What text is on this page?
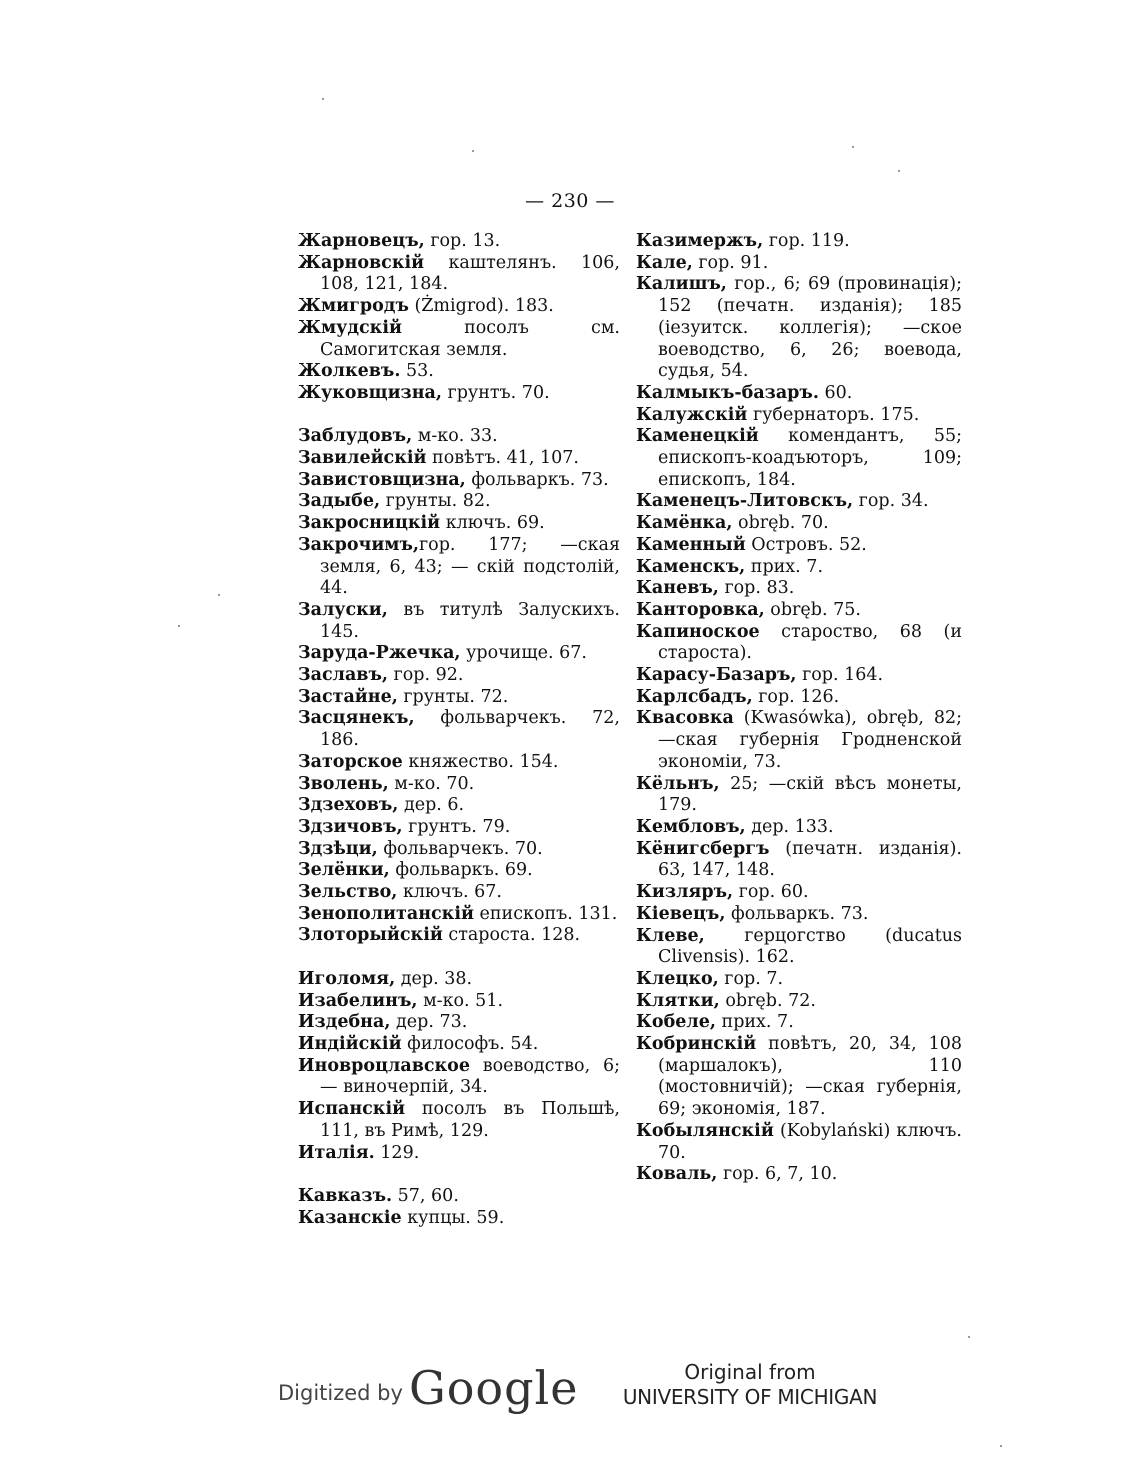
— 230 —
Жарновецъ, гор. 13.
Жарновскій каштелянъ. 106, 108, 121, 184.
Жмигродъ (Żmigrod). 183.
Жмудскій посолъ см. Самогитская земля.
Жолкевъ. 53.
Жуковщизна, грунтъ. 70.
Заблудовъ, м-ко. 33.
Завилейскій повѣтъ. 41, 107.
Завистовщизна, фольваркъ. 73.
Задыбе, грунты. 82.
Закросницкій ключъ. 69.
Закрочимъ,гор. 177; —ская земля, 6, 43; — скій подстолій, 44.
Залуски, въ титулѣ Залускихъ. 145.
Заруда-Ржечка, урочище. 67.
Заславъ, гор. 92.
Застайне, грунты. 72.
Засцянекъ, фольварчекъ. 72, 186.
Заторское княжество. 154.
Зволень, м-ко. 70.
Здзеховъ, дер. 6.
Здзичовъ, грунтъ. 79.
Здзѣци, фольварчекъ. 70.
Зелёнки, фольваркъ. 69.
Зельство, ключъ. 67.
Зенополитанскій епископъ. 131.
Злоторыйскій староста. 128.
Иголомя, дер. 38.
Изабелинъ, м-ко. 51.
Издебна, дер. 73.
Индійскій философъ. 54.
Иновроцлавское воеводство, 6;— виночерпій, 34.
Испанскій посолъ въ Польшѣ, 111, въ Римѣ, 129.
Италія. 129.
Кавказъ. 57, 60.
Казанскіе купцы. 59.
Казимержъ, гор. 119.
Кале, гор. 91.
Калишъ, гор., 6; 69 (провинація); 152 (печатн. изданія); 185 (іезуитск. коллегія); —ское воеводство, 6, 26; воевода, судья, 54.
Калмыкъ-базаръ. 60.
Калужскій губернаторъ. 175.
Каменецкій комендантъ, 55; епископъ-коадъюторъ, 109; епископъ, 184.
Каменецъ-Литовскъ, гор. 34.
Камёнка, obręb. 70.
Каменный Островъ. 52.
Каменскъ, прих. 7.
Каневъ, гор. 83.
Канторовка, obręb. 75.
Капиноское староство, 68 (и староста).
Карасу-Базаръ, гор. 164.
Карлсбадъ, гор. 126.
Квасовка (Kwasówka), obręb, 82; —ская губернія Гродненской экономіи, 73.
Кёльнъ, 25; —скій вѣсъ монеты, 179.
Кембловъ, дер. 133.
Кёнигсбергъ (печатн. изданія). 63, 147, 148.
Кизляръ, гор. 60.
Кіевецъ, фольваркъ. 73.
Клеве, герцогство (ducatus Clivensis). 162.
Клецко, гор. 7.
Клятки, obręb. 72.
Кобеле, прих. 7.
Кобринскій повѣтъ, 20, 34, 108 (маршалокъ), 110 (мостовничій); —ская губернія, 69; экономія, 187.
Кобылянскій (Kobylański) ключъ. 70.
Коваль, гор. 6, 7, 10.
Digitized by Google	Original from
UNIVERSITY OF MICHIGAN
